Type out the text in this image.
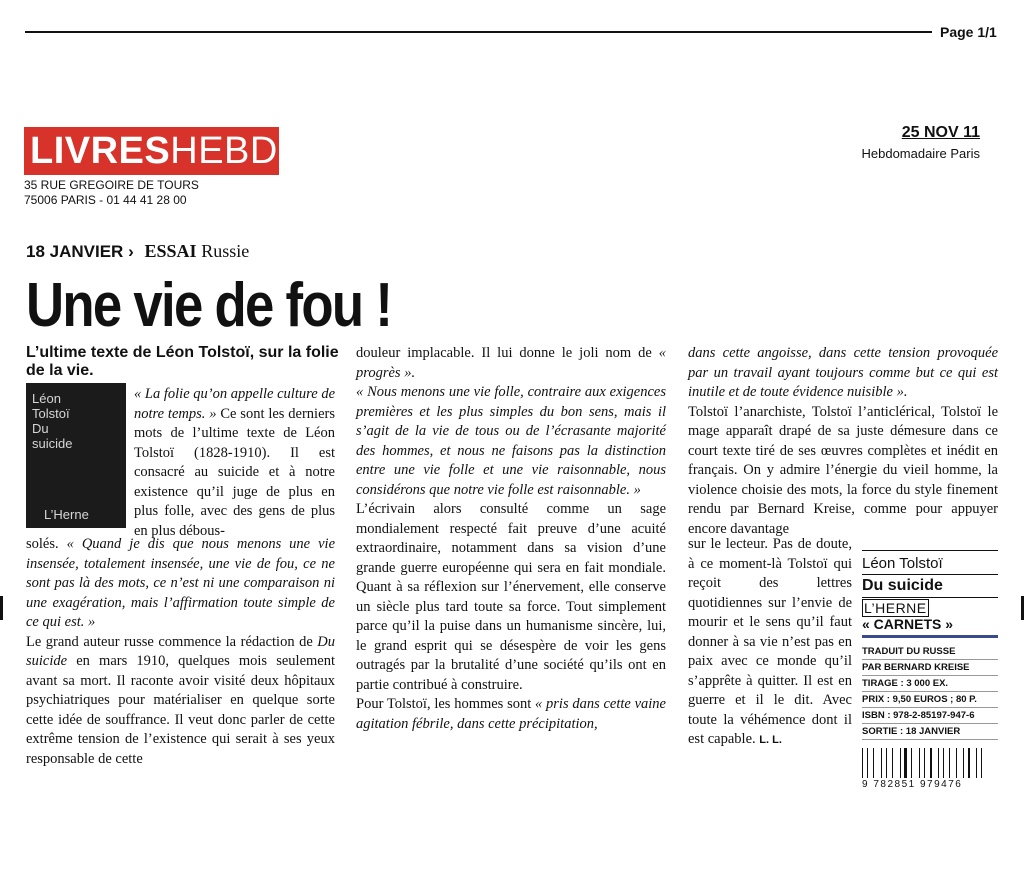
Page 1/1
LIVRES HEBDO
35 RUE GREGOIRE DE TOURS
75006 PARIS - 01 44 41 28 00
25 NOV 11
Hebdomadaire Paris
18 JANVIER › ESSAI Russie
Une vie de fou !
L’ultime texte de Léon Tolstoï, sur la folie de la vie.
Léon
Tolstoï
Du
suicide
L’Herne

« La folie qu’on appelle culture de notre temps. » Ce sont les derniers mots de l’ultime texte de Léon Tolstoï (1828-1910). Il est consacré au suicide et à notre existence qu’il juge de plus en plus folle, avec des gens de plus en plus débous-

solés. « Quand je dis que nous menons une vie insensée, totalement insensée, une vie de fou, ce ne sont pas là des mots, ce n’est ni une comparaison ni une exagération, mais l’affirmation toute simple de ce qui est. »

Le grand auteur russe commence la rédaction de Du suicide en mars 1910, quelques mois seulement avant sa mort. Il raconte avoir visité deux hôpitaux psychiatriques pour matérialiser en quelque sorte cette idée de souffrance. Il veut donc parler de cette extrême tension de l’existence qui serait à ses yeux responsable de cette

douleur implacable. Il lui donne le joli nom de « progrès ».

« Nous menons une vie folle, contraire aux exigences premières et les plus simples du bon sens, mais il s’agit de la vie de tous ou de l’écrasante majorité des hommes, et nous ne faisons pas la distinction entre une vie folle et une vie raisonnable, nous considérons que notre vie folle est raisonnable. »

L’écrivain alors consulté comme un sage mondialement respecté fait preuve d’une acuité extraordinaire, notamment dans sa vision d’une grande guerre européenne qui sera en fait mondiale. Quant à sa réflexion sur l’énervement, elle conserve un siècle plus tard toute sa force. Tout simplement parce qu’il la puise dans un humanisme sincère, lui, le grand esprit qui se désespère de voir les gens outragés par la brutalité d’une société qu’ils ont en partie contribué à construire.

Pour Tolstoï, les hommes sont « pris dans cette vaine agitation fébrile, dans cette précipitation,

dans cette angoisse, dans cette tension provoquée par un travail ayant toujours comme but ce qui est inutile et de toute évidence nuisible ».

Tolstoï l’anarchiste, Tolstoï l’anticlérical, Tolstoï le mage apparaît drapé de sa juste démesure dans ce court texte tiré de ses œuvres complètes et inédit en français. On y admire l’énergie du vieil homme, la violence choisie des mots, la force du style finement rendu par Bernard Kreise, comme pour appuyer encore davantage

sur le lecteur. Pas de doute, à ce moment-là Tolstoï qui reçoit des lettres quotidiennes sur l’envie de mourir et le sens qu’il faut donner à sa vie n’est pas en paix avec ce monde qu’il s’apprête à quitter. Il est en guerre et il le dit. Avec toute la véhémence dont il est capable. L. L.

Léon Tolstoï
Du suicide
L’HERNE
« CARNETS »
TRADUIT DU RUSSE
PAR BERNARD KREISE
TIRAGE : 3 000 EX.
PRIX : 9,50 EUROS ; 80 P.
ISBN : 978-2-85197-947-6
SORTIE : 18 JANVIER
9 782851 979476
